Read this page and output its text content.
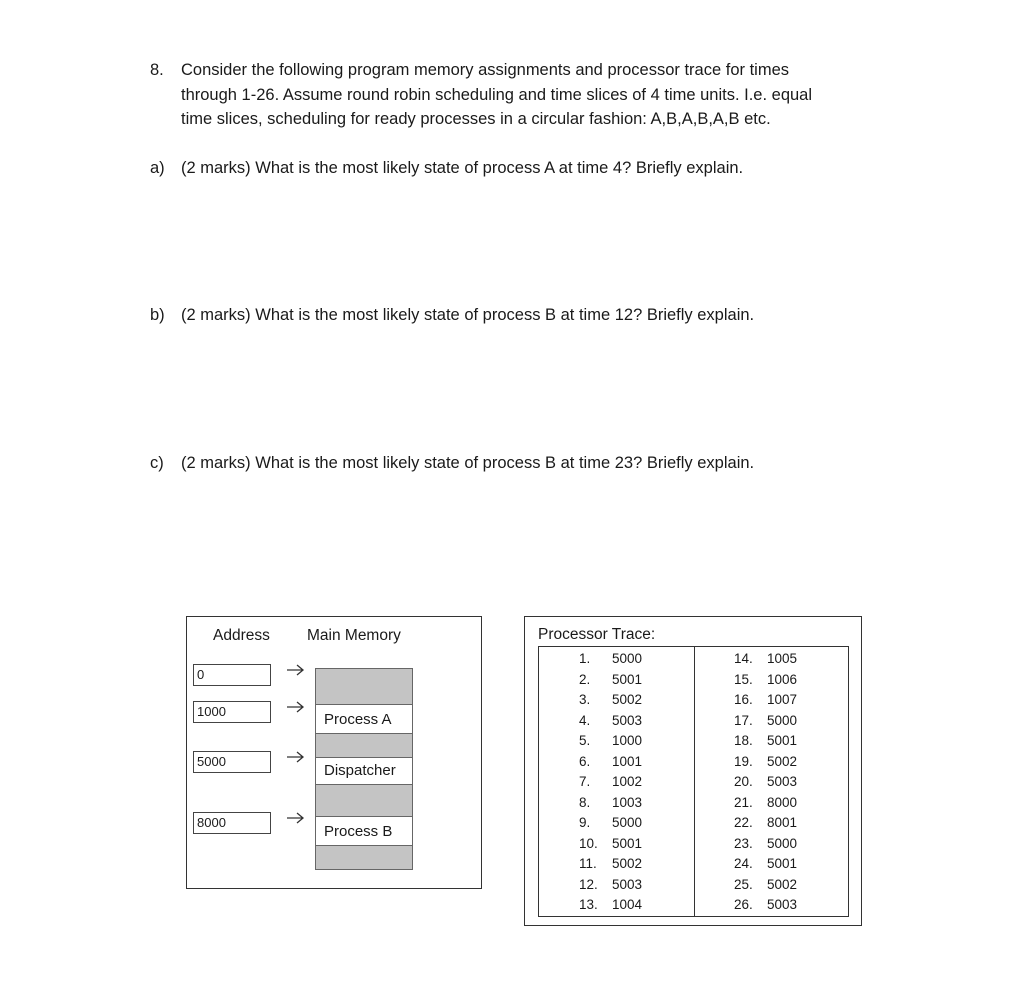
8. Consider the following program memory assignments and processor trace for times
through 1-26. Assume round robin scheduling and time slices of 4 time units. I.e. equal
time slices, scheduling for ready processes in a circular fashion: A,B,A,B,A,B etc.
a) (2 marks) What is the most likely state of process A at time 4? Briefly explain.
b) (2 marks) What is the most likely state of process B at time 12? Briefly explain.
c) (2 marks) What is the most likely state of process B at time 23? Briefly explain.
Address Main Memory
0
1000
5000
8000
Process A
Dispatcher
Process B
Processor Trace:
1. 5000
2. 5001
3. 5002
4. 5003
5. 1000
6. 1001
7. 1002
8. 1003
9. 5000
10. 5001
11. 5002
12. 5003
13. 1004
14. 1005
15. 1006
16. 1007
17. 5000
18. 5001
19. 5002
20. 5003
21. 8000
22. 8001
23. 5000
24. 5001
25. 5002
26. 5003
